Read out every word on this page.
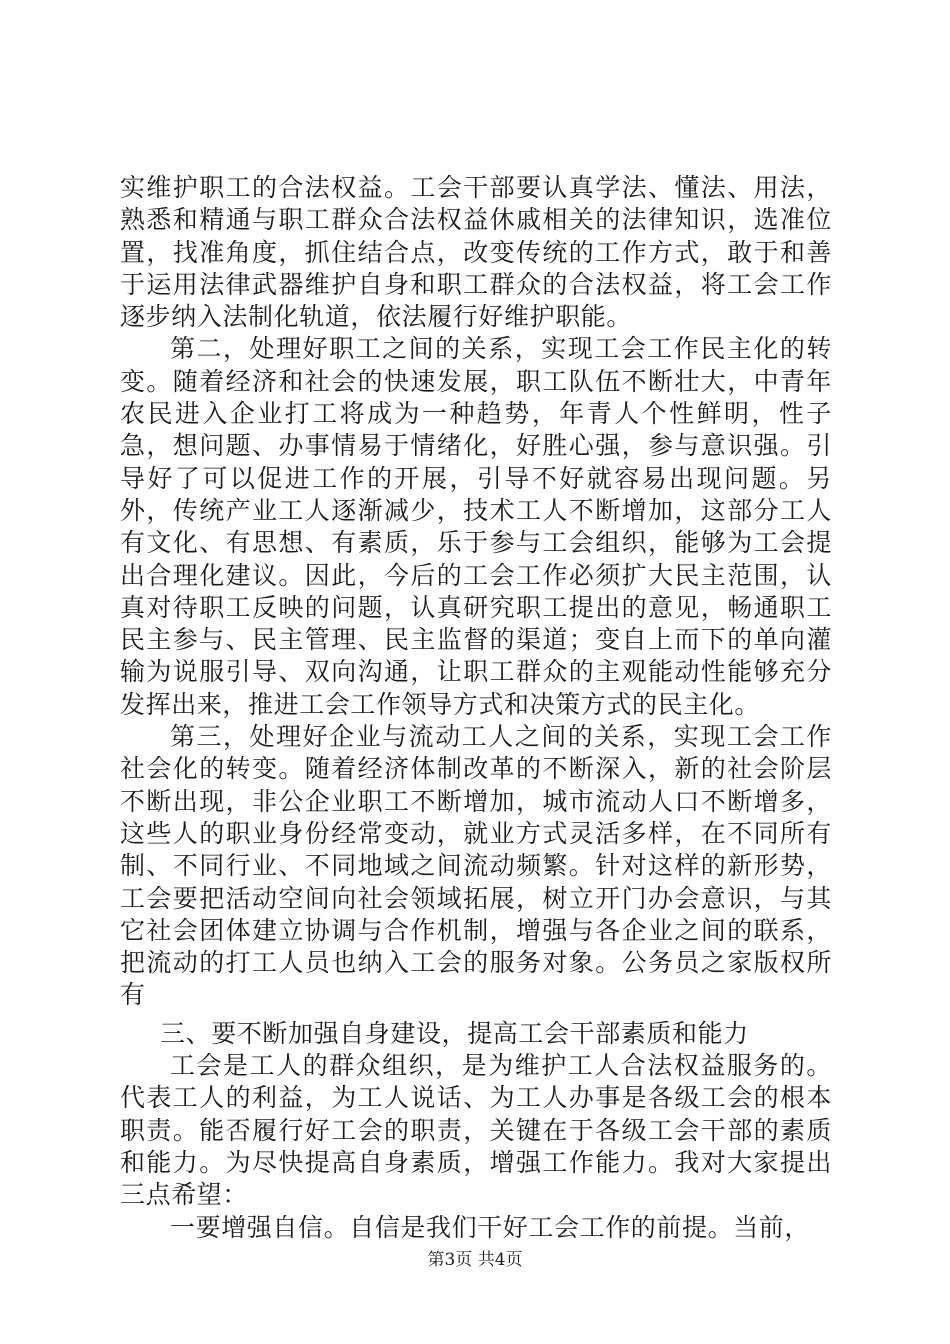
实维护职工的合法权益。工会干部要认真学法、懂法、用法，熟悉和精通与职工群众合法权益休戚相关的法律知识，选准位置，找准角度，抓住结合点，改变传统的工作方式，敢于和善于运用法律武器维护自身和职工群众的合法权益，将工会工作逐步纳入法制化轨道，依法履行好维护职能。

第二，处理好职工之间的关系，实现工会工作民主化的转变。随着经济和社会的快速发展，职工队伍不断壮大，中青年农民进入企业打工将成为一种趋势，年青人个性鲜明，性子急，想问题、办事情易于情绪化，好胜心强，参与意识强。引导好了可以促进工作的开展，引导不好就容易出现问题。另外，传统产业工人逐渐减少，技术工人不断增加，这部分工人有文化、有思想、有素质，乐于参与工会组织，能够为工会提出合理化建议。因此，今后的工会工作必须扩大民主范围，认真对待职工反映的问题，认真研究职工提出的意见，畅通职工民主参与、民主管理、民主监督的渠道；变自上而下的单向灌输为说服引导、双向沟通，让职工群众的主观能动性能够充分发挥出来，推进工会工作领导方式和决策方式的民主化。

第三，处理好企业与流动工人之间的关系，实现工会工作社会化的转变。随着经济体制改革的不断深入，新的社会阶层不断出现，非公企业职工不断增加，城市流动人口不断增多，这些人的职业身份经常变动，就业方式灵活多样，在不同所有制、不同行业、不同地域之间流动频繁。针对这样的新形势，工会要把活动空间向社会领域拓展，树立开门办会意识，与其它社会团体建立协调与合作机制，增强与各企业之间的联系，把流动的打工人员也纳入工会的服务对象。公务员之家版权所有

三、要不断加强自身建设，提高工会干部素质和能力

工会是工人的群众组织，是为维护工人合法权益服务的。代表工人的利益，为工人说话、为工人办事是各级工会的根本职责。能否履行好工会的职责，关键在于各级工会干部的素质和能力。为尽快提高自身素质，增强工作能力。我对大家提出三点希望：

一要增强自信。自信是我们干好工会工作的前提。当前，

第3页 共4页
